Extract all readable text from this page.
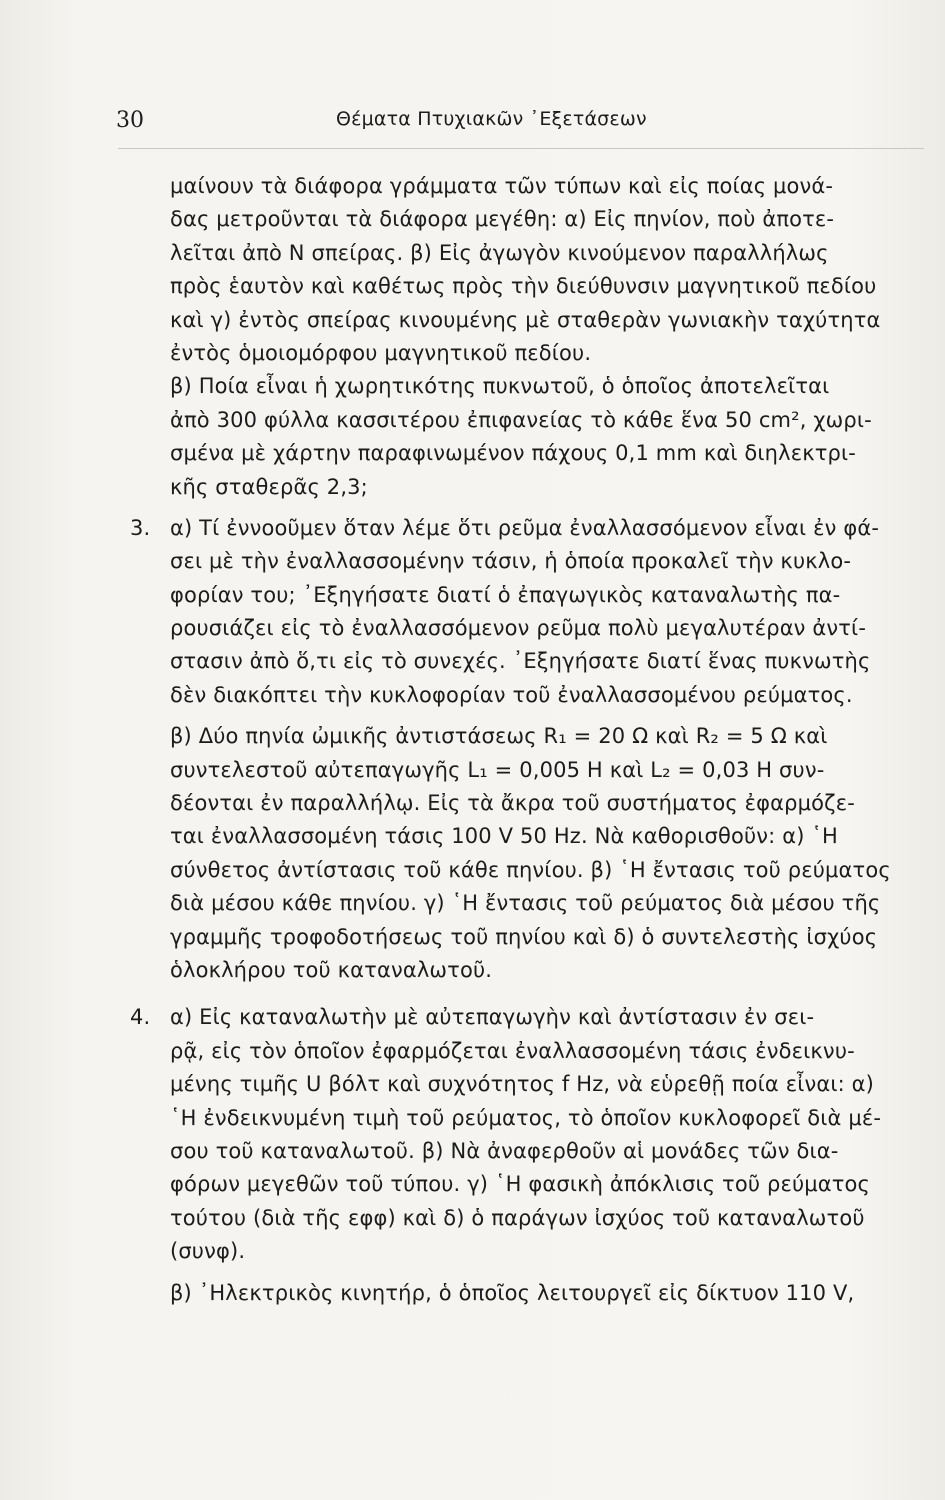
30	Θέματα Πτυχιακῶν ᾿Εξετάσεων
μαίνουν τὰ διάφορα γράμματα τῶν τύπων καὶ εἰς ποίας μονά-
δας μετροῦνται τὰ διάφορα μεγέθη: α) Εἰς πηνίον, ποὺ ἀποτε-
λεῖται ἀπὸ N σπείρας. β) Εἰς ἀγωγὸν κινούμενον παραλλήλως
πρὸς ἑαυτὸν καὶ καθέτως πρὸς τὴν διεύθυνσιν μαγνητικοῦ πεδίου
καὶ γ) ἐντὸς σπείρας κινουμένης μὲ σταθερὰν γωνιακὴν ταχύτητα
ἐντὸς ὁμοιομόρφου μαγνητικοῦ πεδίου.
β) Ποία εἶναι ἡ χωρητικότης πυκνωτοῦ, ὁ ὁποῖος ἀποτελεῖται
ἀπὸ 300 φύλλα κασσιτέρου ἐπιφανείας τὸ κάθε ἕνα 50 cm², χωρι-
σμένα μὲ χάρτην παραφινωμένον πάχους 0,1 mm καὶ διηλεκτρι-
κῆς σταθερᾶς 2,3;
3. α) Τί ἐννοοῦμεν ὅταν λέμε ὅτι ρεῦμα ἐναλλασσόμενον εἶναι ἐν φά-
σει μὲ τὴν ἐναλλασσομένην τάσιν, ἡ ὁποία προκαλεῖ τὴν κυκλο-
φορίαν του; ᾿Εξηγήσατε διατί ὁ ἐπαγωγικὸς καταναλωτὴς πα-
ρουσιάζει εἰς τὸ ἐναλλασσόμενον ρεῦμα πολὺ μεγαλυτέραν ἀντί-
στασιν ἀπὸ ὅ,τι εἰς τὸ συνεχές. ᾿Εξηγήσατε διατί ἕνας πυκνωτὴς
δὲν διακόπτει τὴν κυκλοφορίαν τοῦ ἐναλλασσομένου ρεύματος.
β) Δύο πηνία ὠμικῆς ἀντιστάσεως R₁ = 20 Ω καὶ R₂ = 5 Ω καὶ
συντελεστοῦ αὐτεπαγωγῆς L₁ = 0,005 H καὶ L₂ = 0,03 H συν-
δέονται ἐν παραλλήλῳ. Εἰς τὰ ἄκρα τοῦ συστήματος ἐφαρμόζε-
ται ἐναλλασσομένη τάσις 100 V 50 Hz. Νὰ καθορισθοῦν: α) ῾Η
σύνθετος ἀντίστασις τοῦ κάθε πηνίου. β) ῾Η ἔντασις τοῦ ρεύματος
διὰ μέσου κάθε πηνίου. γ) ῾Η ἔντασις τοῦ ρεύματος διὰ μέσου τῆς
γραμμῆς τροφοδοτήσεως τοῦ πηνίου καὶ δ) ὁ συντελεστὴς ἰσχύος
ὁλοκλήρου τοῦ καταναλωτοῦ.
4. α) Εἰς καταναλωτὴν μὲ αὐτεπαγωγὴν καὶ ἀντίστασιν ἐν σει-
ρᾷ, εἰς τὸν ὁποῖον ἐφαρμόζεται ἐναλλασσομένη τάσις ἐνδεικνυ-
μένης τιμῆς U βόλτ καὶ συχνότητος f Hz, νὰ εὑρεθῇ ποία εἶναι: α)
῾Η ἐνδεικνυμένη τιμὴ τοῦ ρεύματος, τὸ ὁποῖον κυκλοφορεῖ διὰ μέ-
σου τοῦ καταναλωτοῦ. β) Νὰ ἀναφερθοῦν αἱ μονάδες τῶν δια-
φόρων μεγεθῶν τοῦ τύπου. γ) ῾Η φασικὴ ἀπόκλισις τοῦ ρεύματος
τούτου (διὰ τῆς εφφ) καὶ δ) ὁ παράγων ἰσχύος τοῦ καταναλωτοῦ
(συνφ).
β) ᾿Ηλεκτρικὸς κινητήρ, ὁ ὁποῖος λειτουργεῖ εἰς δίκτυον 110 V,
